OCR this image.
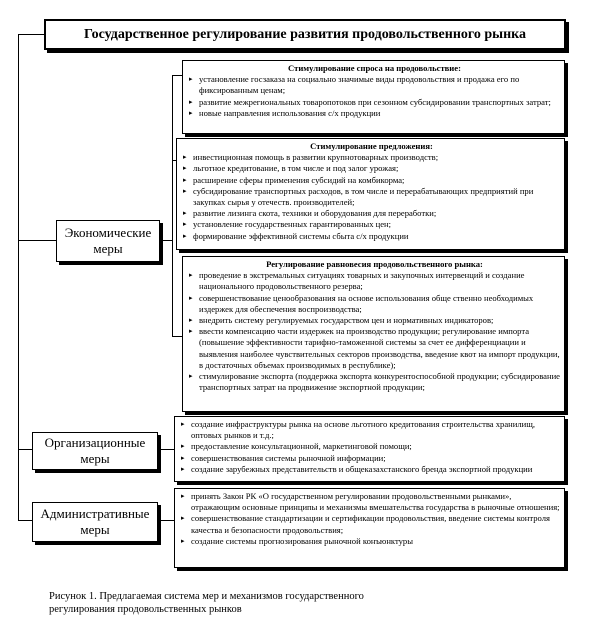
Государственное регулирование развития продовольственного рынка
Экономические
меры
Организационные
меры
Административные
меры
Стимулирование спроса на продовольствие:
▸ установление госзаказа на социально значимые виды продовольствия и продажа его по фиксированным ценам;
▸ развитие межрегиональных товаропотоков при сезонном субсидировании транспортных затрат;
▸ новые направления использования с/х продукции
Стимулирование предложения:
▸ инвестиционная помощь в развитии крупнотоварных производств;
▸ льготное кредитование, в том числе и под залог урожая;
▸ расширение сферы применения субсидий на комбикорма;
▸ субсидирование транспортных расходов, в том числе и перерабатывающих предприятий при закупках сырья у отечеств. производителей;
▸ развитие лизинга скота, техники и оборудования для переработки;
▸ установление государственных гарантированных цен;
▸ формирование эффективной системы сбыта с/х продукции
Регулирование равновесия продовольственного рынка:
▸ проведение в экстремальных ситуациях товарных и закупочных интервенций и создание национального продовольственного резерва;
▸ совершенствование ценообразования на основе использования обще ственно необходимых издержек для обеспечения воспроизводства;
▸ внедрить систему регулируемых государством цен и нормативных индикаторов;
▸ ввести компенсацию части издержек на производство продукции; регулирование импорта (повышение эффективности тарифно-таможенной системы за счет ее дифференциации и выявления наиболее чувствительных секторов производства, введение квот на импорт продукции, в достаточных объемах производимых в республике);
▸ стимулирование экспорта (поддержка экспорта конкурентоспособной продукции; субсидирование транспортных затрат на продвижение экспортной продукции;
▸ создание инфраструктуры рынка на основе льготного кредитования строительства хранилищ, оптовых рынков и т.д.;
▸ предоставление консультационной, маркетинговой помощи;
▸ совершенствования системы рыночной информации;
▸ создание зарубежных представительств и общеказахстанского бренда экспортной продукции
▸ принять Закон РК «О государственном регулировании продовольственными рынками», отражающим основные принципы и механизмы вмешательства государства в рыночные отношения;
▸ совершенствование стандартизации и сертификации продовольствия, введение системы контроля качества и безопасности продовольствия;
▸ создание системы прогнозирования рыночной конъюнктуры
Рисунок 1. Предлагаемая система мер и механизмов государственного
регулирования продовольственных рынков
